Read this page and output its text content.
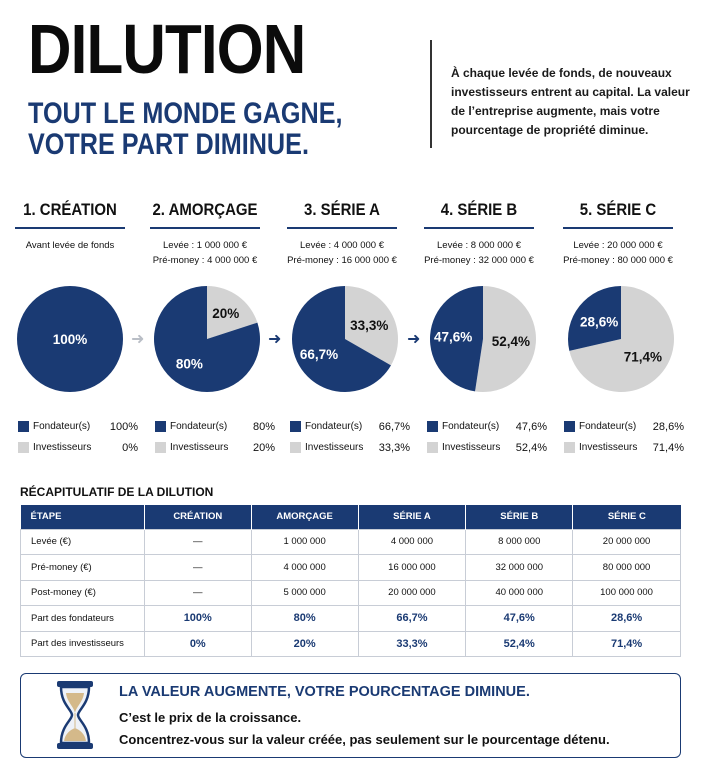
DILUTION
TOUT LE MONDE GAGNE,
VOTRE PART DIMINUE.
À chaque levée de fonds, de nouveaux investisseurs entrent au capital. La valeur de l’entreprise augmente, mais votre pourcentage de propriété diminue.
1. CRÉATION
Avant levée de fonds
2. AMORÇAGE
Levée : 1 000 000 €
Pré-money : 4 000 000 €
3. SÉRIE A
Levée : 4 000 000 €
Pré-money : 16 000 000 €
4. SÉRIE B
Levée : 8 000 000 €
Pré-money : 32 000 000 €
5. SÉRIE C
Levée : 20 000 000 €
Pré-money : 80 000 000 €
100%
80%
20%
66,7%
33,3%
47,6% 52,4%
28,6%
71,4%
➜	➜	➜
Fondateur(s)	100%
Investisseurs	0%
Fondateur(s)	80%
Investisseurs	20%
Fondateur(s)	66,7%
Investisseurs	33,3%
Fondateur(s)	47,6%
Investisseurs	52,4%
Fondateur(s)	28,6%
Investisseurs	71,4%
RÉCAPITULATIF DE LA DILUTION
ÉTAPE	CRÉATION	AMORÇAGE	SÉRIE A	SÉRIE B	SÉRIE C
Levée (€)	—	1 000 000	4 000 000	8 000 000	20 000 000
Pré-money (€)	—	4 000 000	16 000 000	32 000 000	80 000 000
Post-money (€)	—	5 000 000	20 000 000	40 000 000	100 000 000
Part des fondateurs	100%	80%	66,7%	47,6%	28,6%
Part des investisseurs	0%	20%	33,3%	52,4%	71,4%
LA VALEUR AUGMENTE, VOTRE POURCENTAGE DIMINUE.
C’est le prix de la croissance.
Concentrez-vous sur la valeur créée, pas seulement sur le pourcentage détenu.
